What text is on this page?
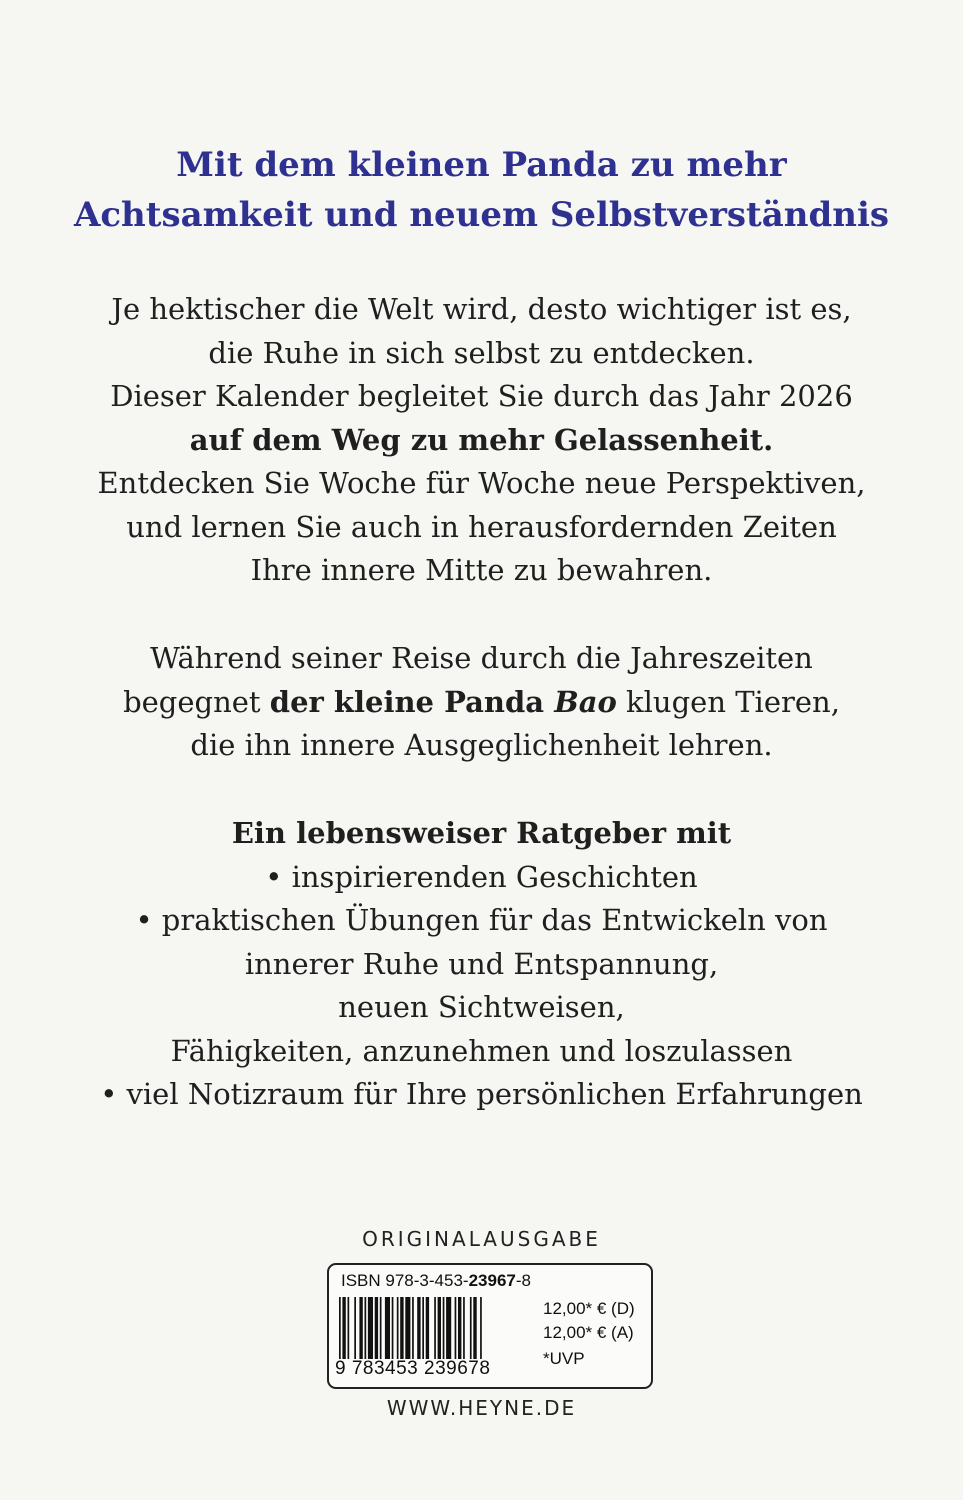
Mit dem kleinen Panda zu mehr
Achtsamkeit und neuem Selbstverständnis
Je hektischer die Welt wird, desto wichtiger ist es,
die Ruhe in sich selbst zu entdecken.
Dieser Kalender begleitet Sie durch das Jahr 2026
auf dem Weg zu mehr Gelassenheit.
Entdecken Sie Woche für Woche neue Perspektiven,
und lernen Sie auch in herausfordernden Zeiten
Ihre innere Mitte zu bewahren.
Während seiner Reise durch die Jahreszeiten
begegnet der kleine Panda Bao klugen Tieren,
die ihn innere Ausgeglichenheit lehren.
Ein lebensweiser Ratgeber mit
• inspirierenden Geschichten
• praktischen Übungen für das Entwickeln von
innerer Ruhe und Entspannung,
neuen Sichtweisen,
Fähigkeiten, anzunehmen und loszulassen
• viel Notizraum für Ihre persönlichen Erfahrungen
ORIGINALAUSGABE
ISBN 978-3-453-23967-8
9 783453 239678
12,00* € (D)
12,00* € (A)
*UVP
WWW.HEYNE.DE
